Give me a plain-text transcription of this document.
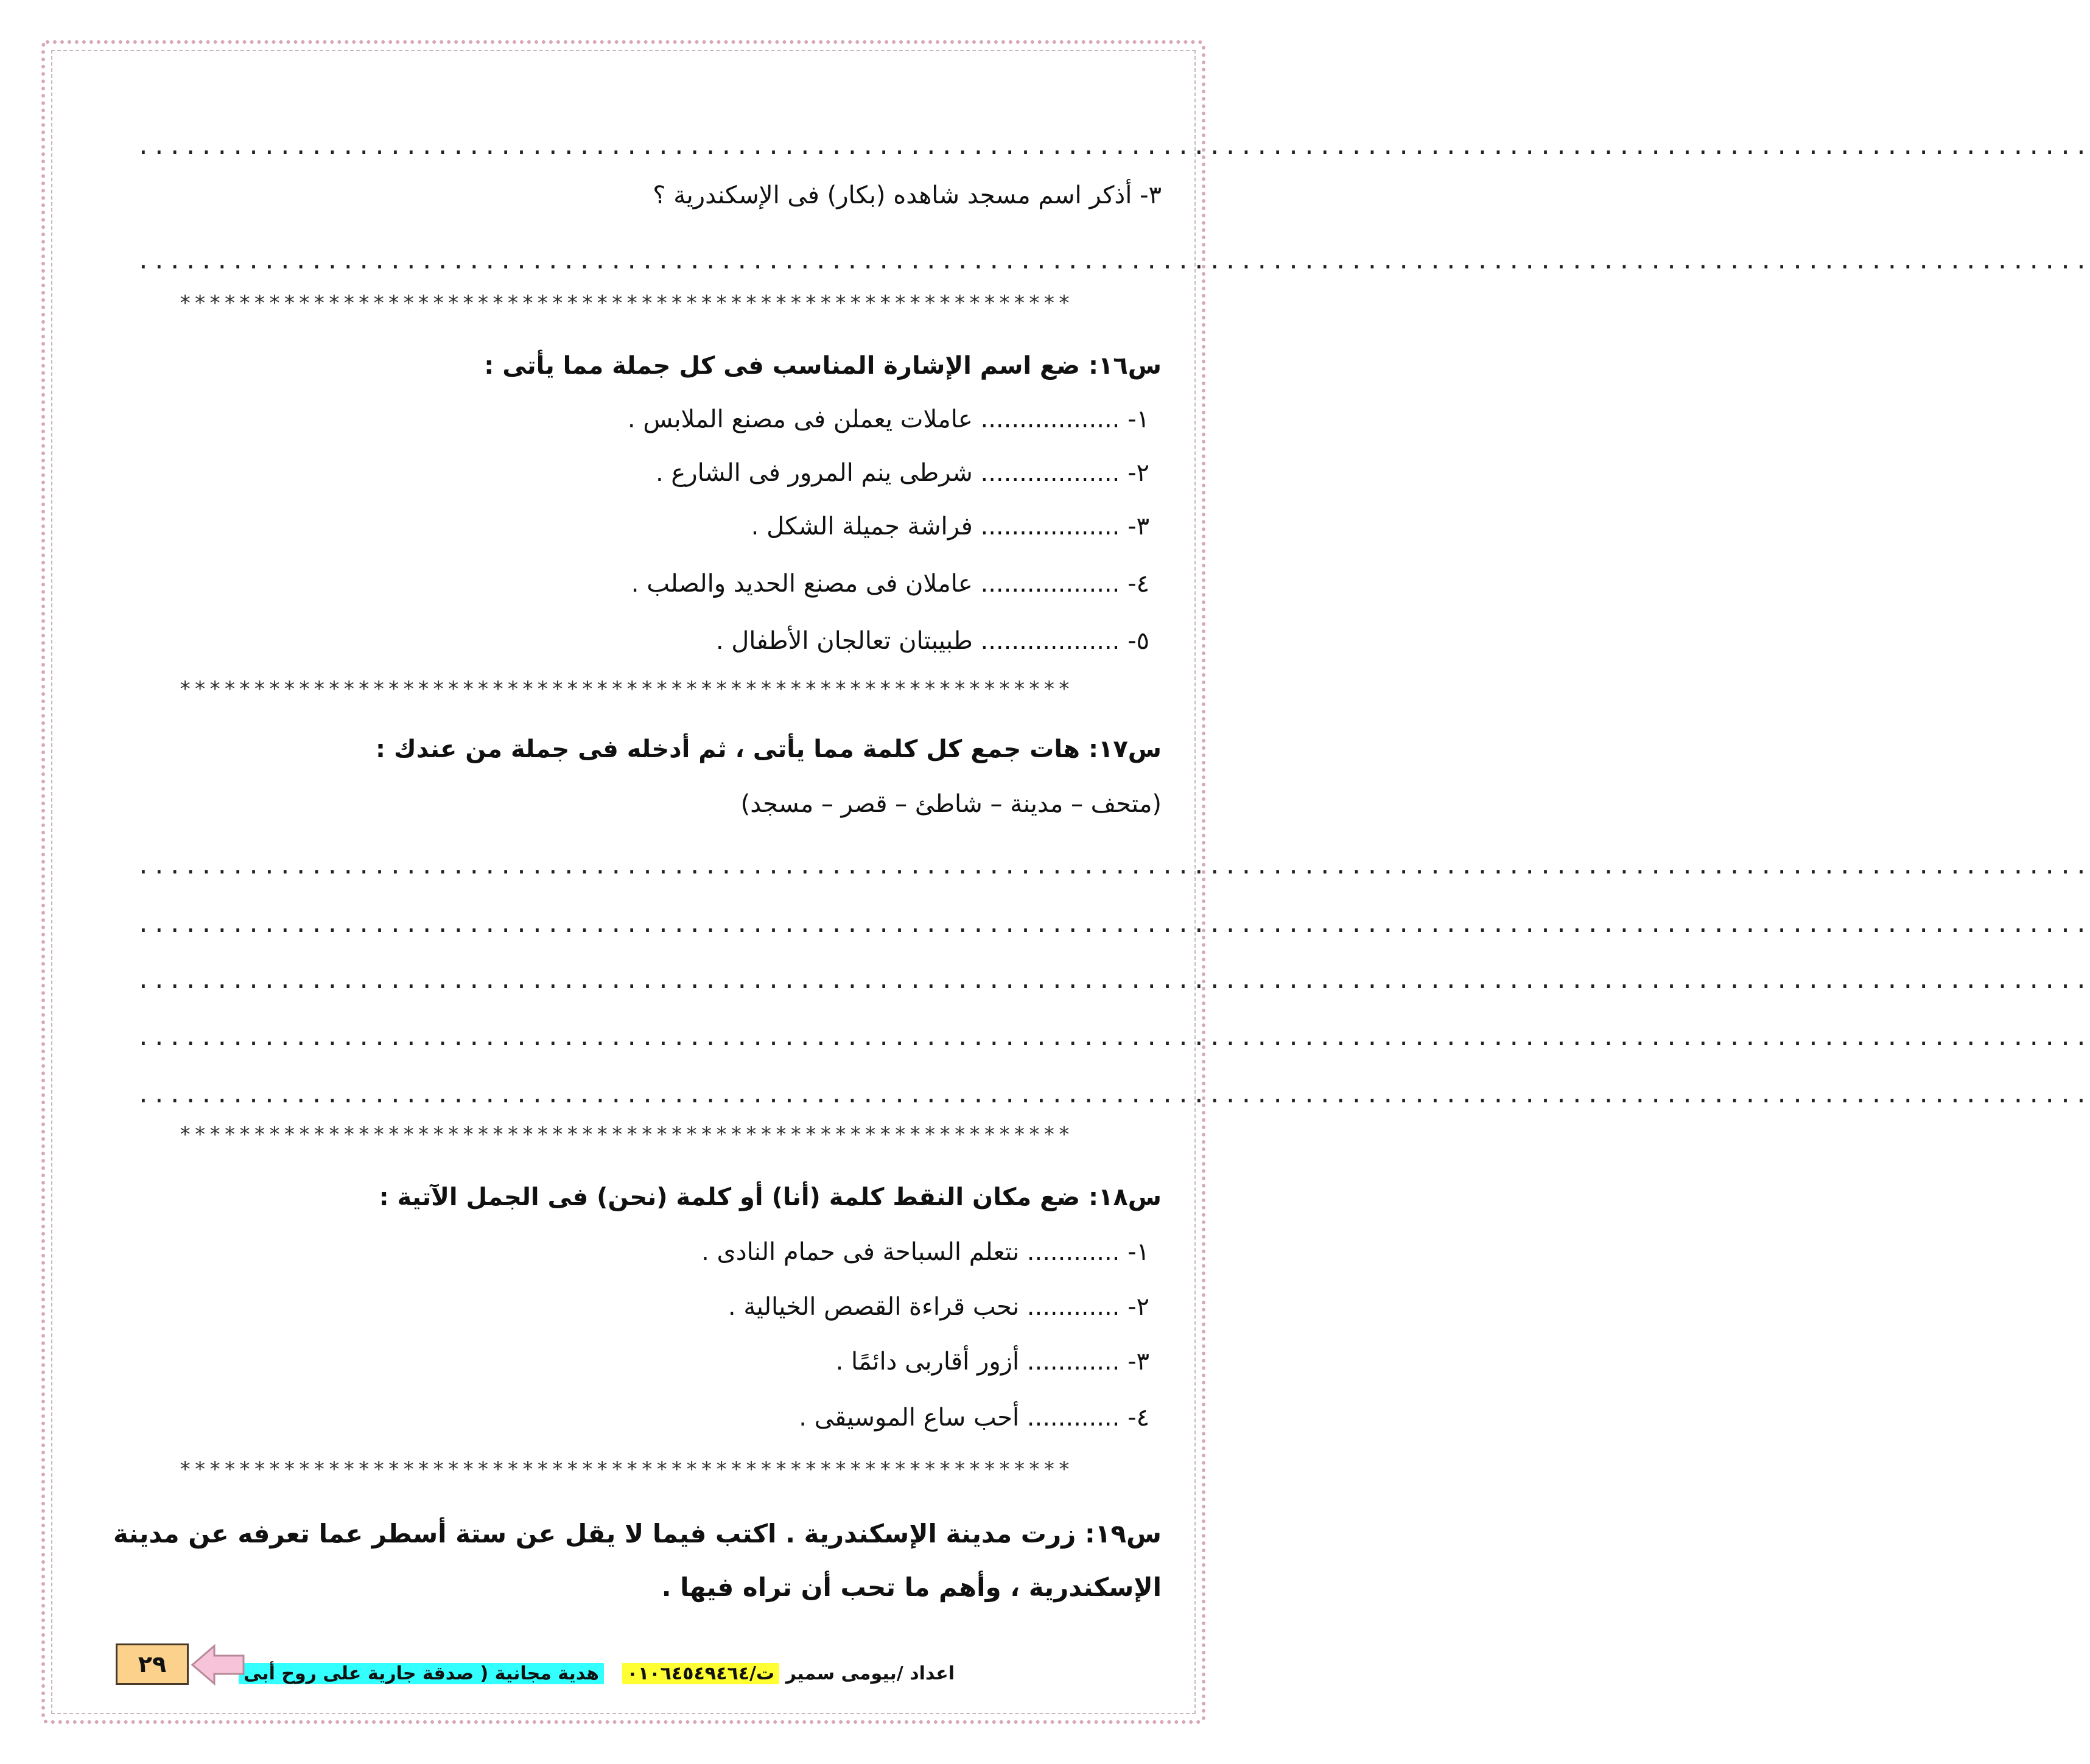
............................................................................................................................
٣- أذكر اسم مسجد شاهده (بكار) فى الإسكندرية ؟
............................................................................................................................
************************************************************
س١٦: ضع اسم الإشارة المناسب فى كل جملة مما يأتى :
١- .................. عاملات يعملن فى مصنع الملابس .
٢- .................. شرطى ينم المرور فى الشارع .
٣- .................. فراشة جميلة الشكل .
٤- .................. عاملان فى مصنع الحديد والصلب .
٥- .................. طبيبتان تعالجان الأطفال .
************************************************************
س١٧: هات جمع كل كلمة مما يأتى ، ثم أدخله فى جملة من عندك :
(متحف – مدينة – شاطئ – قصر – مسجد)
............................................................................................................................
............................................................................................................................
............................................................................................................................
............................................................................................................................
............................................................................................................................
************************************************************
س١٨: ضع مكان النقط كلمة (أنا) أو كلمة (نحن) فى الجمل الآتية :
١- ............ نتعلم السباحة فى حمام النادى .
٢- ............ نحب قراءة القصص الخيالية .
٣- ............ أزور أقاربى دائمًا .
٤- ............ أحب ساع الموسيقى .
************************************************************
س١٩: زرت مدينة الإسكندرية . اكتب فيما لا يقل عن ستة أسطر عما تعرفه عن مدينة الإسكندرية ، وأهم ما تحب أن تراه فيها .
اعداد /بيومى سمير ت/٠١٠٦٤٥٤٩٤٦٤
هدية مجانية ( صدقة جارية على روح أبى
٢٩
